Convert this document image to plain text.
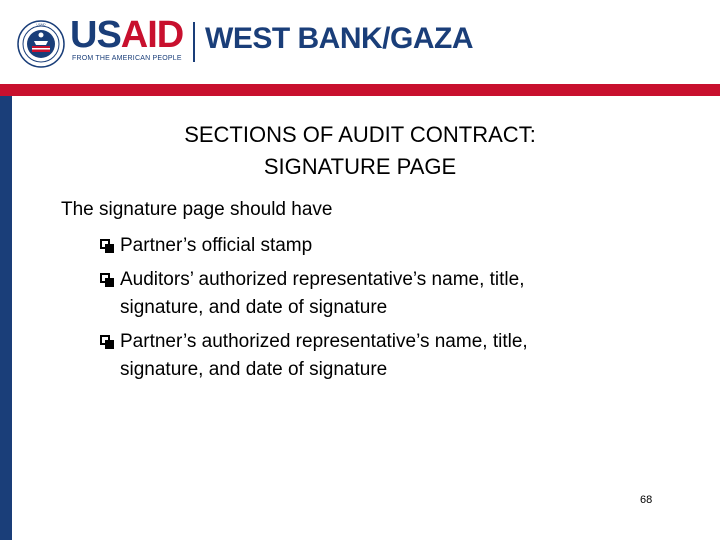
USAID USAID
FROM THE AMERICAN PEOPLE
WEST BANK/GAZA
SECTIONS OF AUDIT CONTRACT:
SIGNATURE PAGE
The signature page should have
Partner’s official stamp
Auditors’ authorized representative’s name, title,
signature, and date of signature
Partner’s authorized representative’s name, title,
signature, and date of signature
68
